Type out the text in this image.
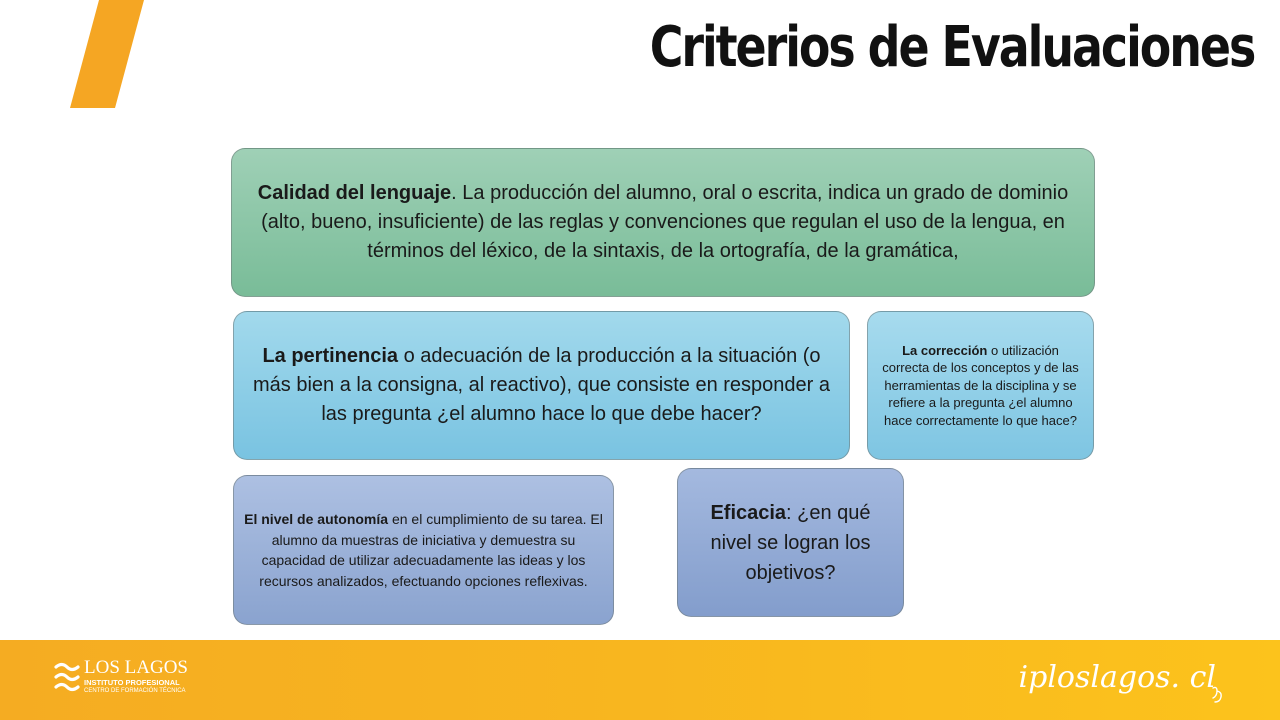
Criterios de Evaluaciones

Calidad del lenguaje. La producción del alumno, oral o escrita, indica un grado de dominio (alto, bueno, insuficiente) de las reglas y convenciones que regulan el uso de la lengua, en términos del léxico, de la sintaxis, de la ortografía, de la gramática,

La pertinencia o adecuación de la producción a la situación (o más bien a la consigna, al reactivo), que consiste en responder a las pregunta ¿el alumno hace lo que debe hacer?

La corrección o utilización correcta de los conceptos y de las herramientas de la disciplina y se refiere a la pregunta ¿el alumno hace correctamente lo que hace?

El nivel de autonomía en el cumplimiento de su tarea. El alumno da muestras de iniciativa y demuestra su capacidad de utilizar adecuadamente las ideas y los recursos analizados, efectuando opciones reflexivas.

Eficacia: ¿en qué nivel se logran los objetivos?

LOS LAGOS
INSTITUTO PROFESIONAL
CENTRO DE FORMACIÓN TÉCNICA	iploslagos. cl
